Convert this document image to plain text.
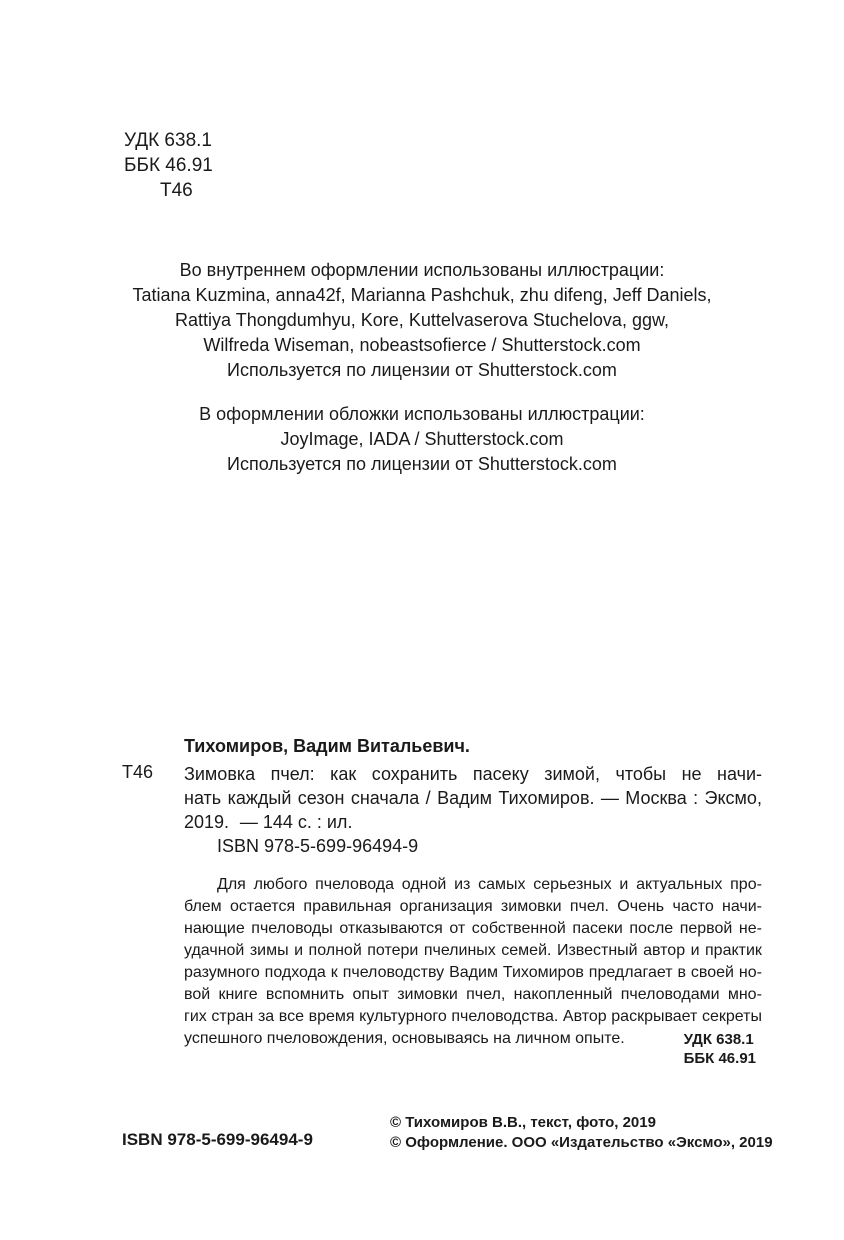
УДК 638.1
ББК 46.91
Т46
Во внутреннем оформлении использованы иллюстрации:
Tatiana Kuzmina, anna42f, Marianna Pashchuk, zhu difeng, Jeff Daniels,
Rattiya Thongdumhyu, Kore, Kuttelvaserova Stuchelova, ggw,
Wilfreda Wiseman, nobeastsofierce / Shutterstock.com
Используется по лицензии от Shutterstock.com
В оформлении обложки использованы иллюстрации:
JoyImage, IADA / Shutterstock.com
Используется по лицензии от Shutterstock.com
Тихомиров, Вадим Витальевич.
Т46 Зимовка пчел: как сохранить пасеку зимой, чтобы не начи-
нать каждый сезон сначала / Вадим Тихомиров. — Москва : Эксмо,
2019. — 144 с. : ил.
ISBN 978-5-699-96494-9
Для любого пчеловода одной из самых серьезных и актуальных про-
блем остается правильная организация зимовки пчел. Очень часто начи-
нающие пчеловоды отказываются от собственной пасеки после первой не-
удачной зимы и полной потери пчелиных семей. Известный автор и практик
разумного подхода к пчеловодству Вадим Тихомиров предлагает в своей но-
вой книге вспомнить опыт зимовки пчел, накопленный пчеловодами мно-
гих стран за все время культурного пчеловодства. Автор раскрывает секреты
успешного пчеловождения, основываясь на личном опыте.	УДК 638.1
ББК 46.91
ISBN 978-5-699-96494-9
© Тихомиров В.В., текст, фото, 2019
© Оформление. ООО «Издательство «Эксмо», 2019
